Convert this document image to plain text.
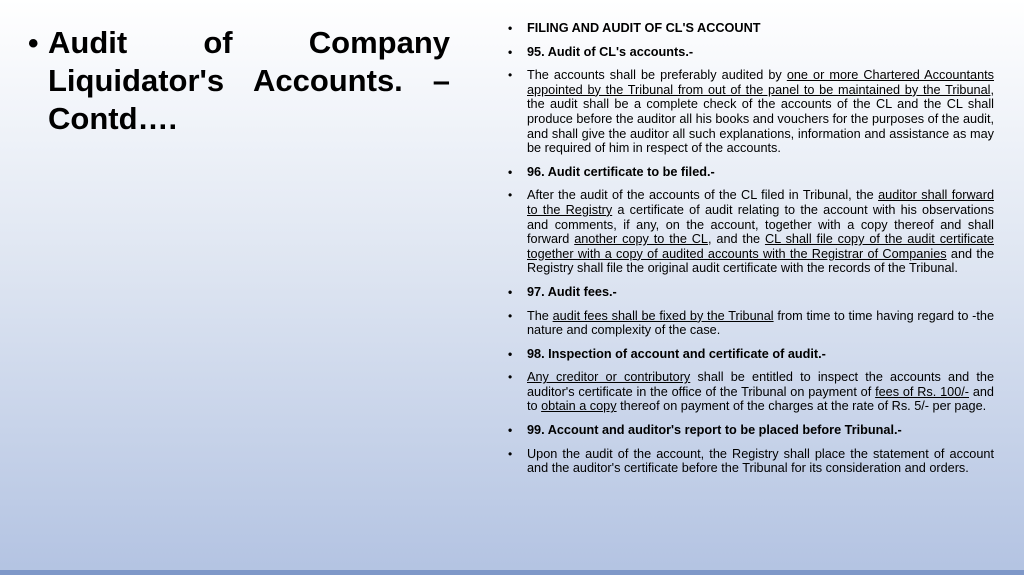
• Audit of Company Liquidator's Accounts. – Contd….
• FILING AND AUDIT OF CL'S ACCOUNT
• 95. Audit of CL's accounts.-
• The accounts shall be preferably audited by one or more Chartered Accountants appointed by the Tribunal from out of the panel to be maintained by the Tribunal, the audit shall be a complete check of the accounts of the CL and the CL shall produce before the auditor all his books and vouchers for the purposes of the audit, and shall give the auditor all such explanations, information and assistance as may be required of him in respect of the accounts.
• 96. Audit certificate to be filed.-
• After the audit of the accounts of the CL filed in Tribunal, the auditor shall forward to the Registry a certificate of audit relating to the account with his observations and comments, if any, on the account, together with a copy thereof and shall forward another copy to the CL, and the CL shall file copy of the audit certificate together with a copy of audited accounts with the Registrar of Companies and the Registry shall file the original audit certificate with the records of the Tribunal.
• 97. Audit fees.-
• The audit fees shall be fixed by the Tribunal from time to time having regard to -the nature and complexity of the case.
• 98. Inspection of account and certificate of audit.-
• Any creditor or contributory shall be entitled to inspect the accounts and the auditor's certificate in the office of the Tribunal on payment of fees of Rs. 100/- and to obtain a copy thereof on payment of the charges at the rate of Rs. 5/- per page.
• 99. Account and auditor's report to be placed before Tribunal.-
• Upon the audit of the account, the Registry shall place the statement of account and the auditor's certificate before the Tribunal for its consideration and orders.
